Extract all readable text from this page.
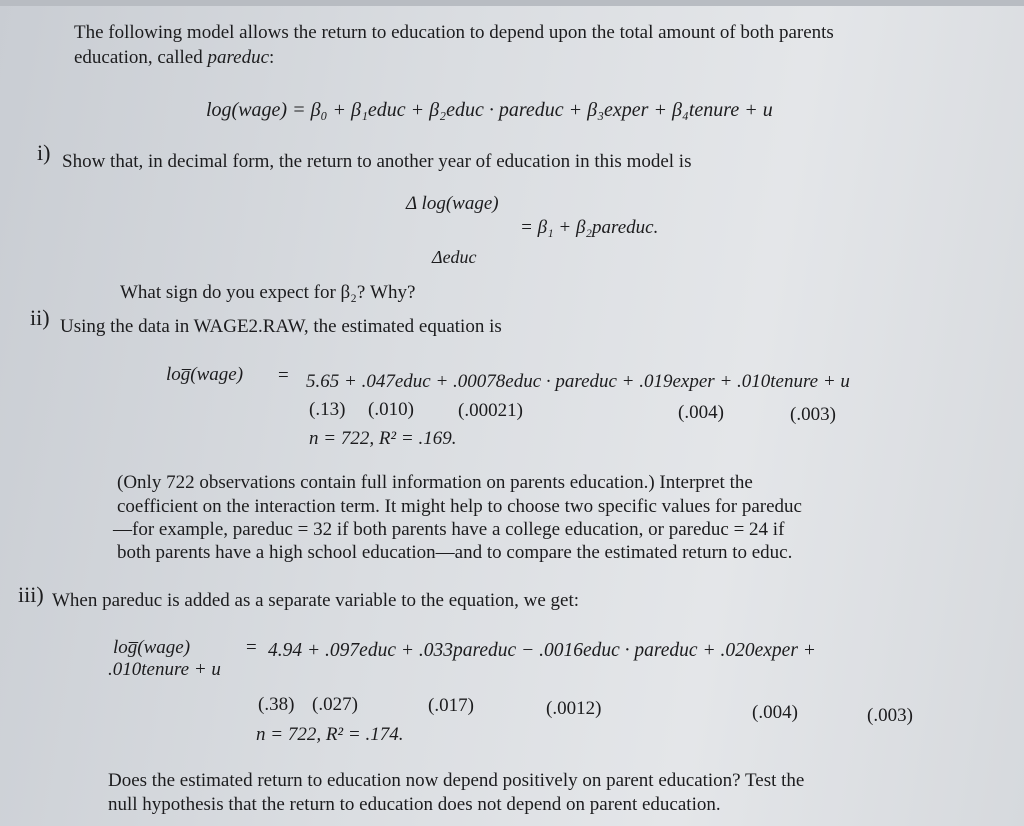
The following model allows the return to education to depend upon the total amount of both parents
education, called pareduc:
log(wage) = β₀ + β₁educ + β₂educ · pareduc + β₃exper + β₄tenure + u
i) Show that, in decimal form, the return to another year of education in this model is
Δ log(wage)
= β₁ + β₂pareduc.
Δeduc
What sign do you expect for β₂? Why?
ii) Using the data in WAGE2.RAW, the estimated equation is
log̅(wage) = 5.65 + .047educ + .00078educ · pareduc + .019exper + .010tenure + u
(.13) (.010) (.00021)	(.004)	(.003)
n = 722, R² = .169.
(Only 722 observations contain full information on parents education.) Interpret the
coefficient on the interaction term. It might help to choose two specific values for pareduc
—for example, pareduc = 32 if both parents have a college education, or pareduc = 24 if
both parents have a high school education—and to compare the estimated return to educ.
iii) When pareduc is added as a separate variable to the equation, we get:
log̅(wage)	= 4.94 + .097educ + .033pareduc − .0016educ · pareduc + .020exper +
.010tenure + u
(.38) (.027)	(.017)	(.0012)	(.004)	(.003)
n = 722, R² = .174.
Does the estimated return to education now depend positively on parent education? Test the
null hypothesis that the return to education does not depend on parent education.
